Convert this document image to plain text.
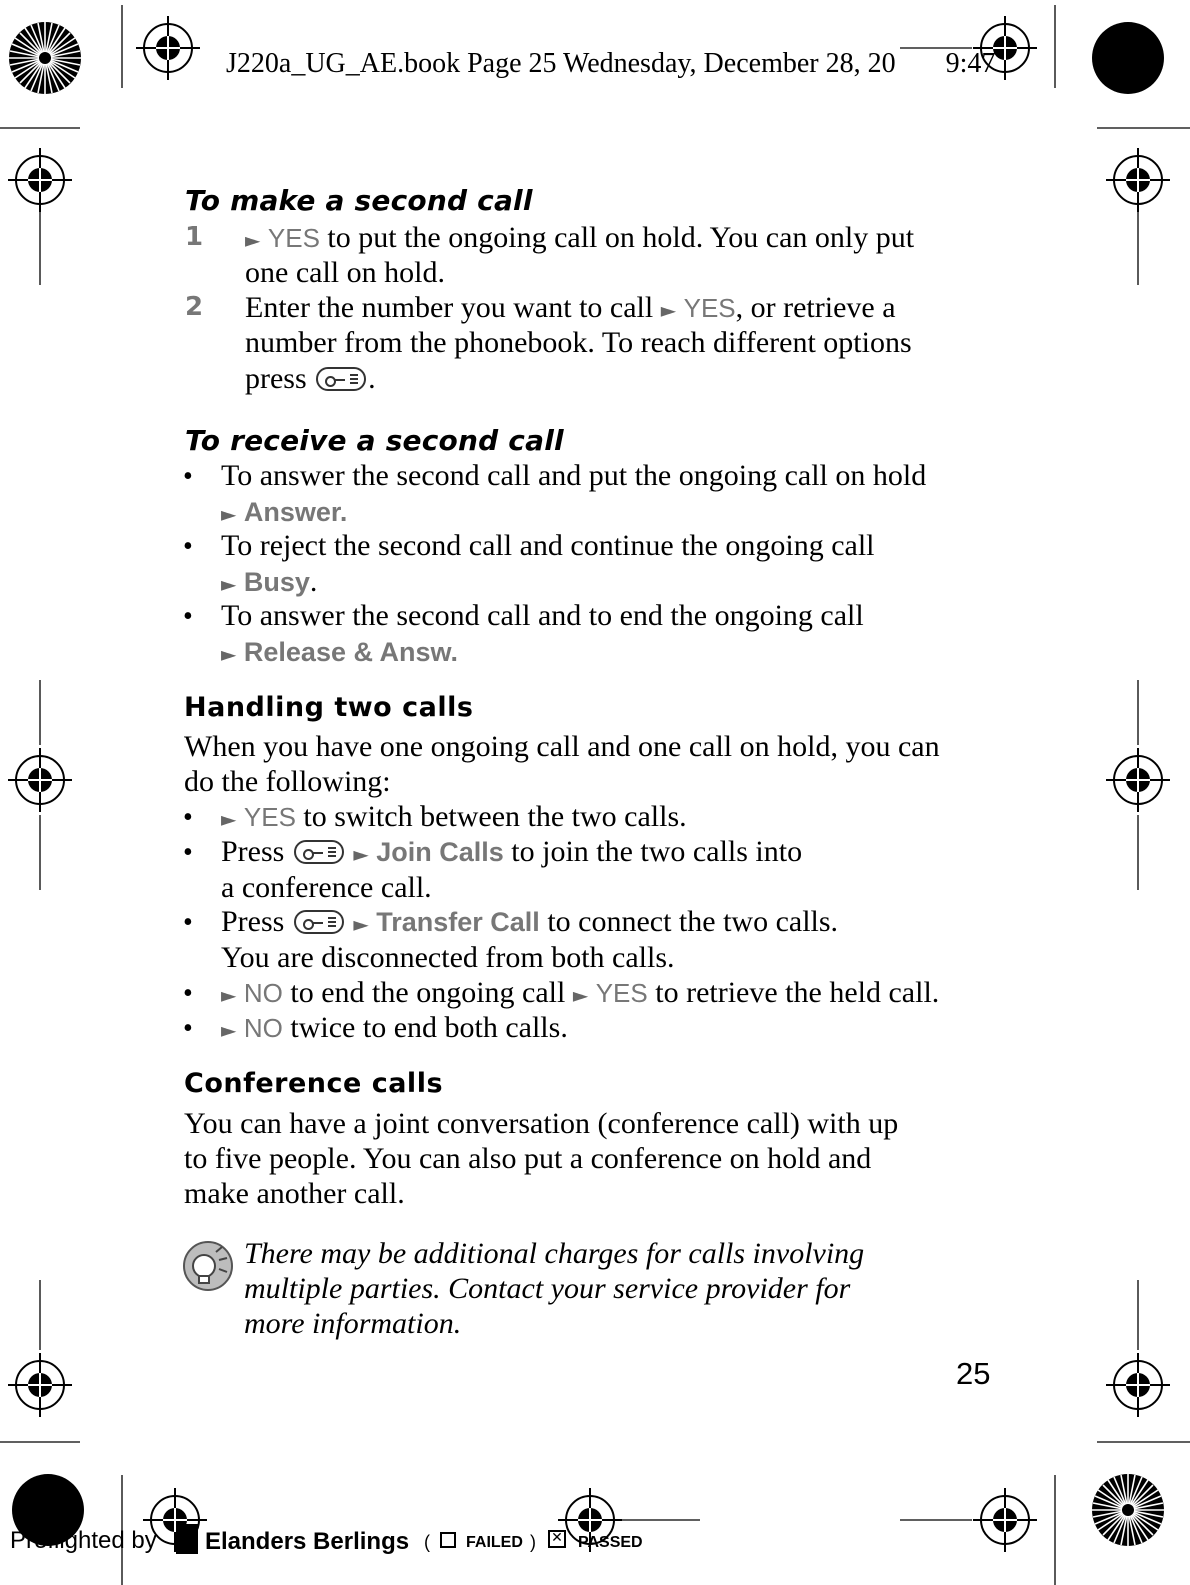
J220a_UG_AE.book Page 25 Wednesday, December 28, 20 9:47
To make a second call
1 ► YES to put the ongoing call on hold. You can only put
one call on hold.
2 Enter the number you want to call ► YES, or retrieve a
number from the phonebook. To reach different options
press
.
To receive a second call
• To answer the second call and put the ongoing call on hold
► Answer.
• To reject the second call and continue the ongoing call
► Busy.
• To answer the second call and to end the ongoing call
► Release & Answ.
Handling two calls
When you have one ongoing call and one call on hold, you can
do the following:
• ► YES to switch between the two calls.
• Press	► Join Calls to join the two calls into
a conference call.
• Press	► Transfer Call to connect the two calls.
You are disconnected from both calls.
• ► NO to end the ongoing call ► YES to retrieve the held call.
• ► NO twice to end both calls.
Conference calls
You can have a joint conversation (conference call) with up
to five people. You can also put a conference on hold and
make another call.
There may be additional charges for calls involving
multiple parties. Contact your service provider for
more information.
25
Preflighted by Elanders Berlings ( FAILED ) ✕ PASSED
